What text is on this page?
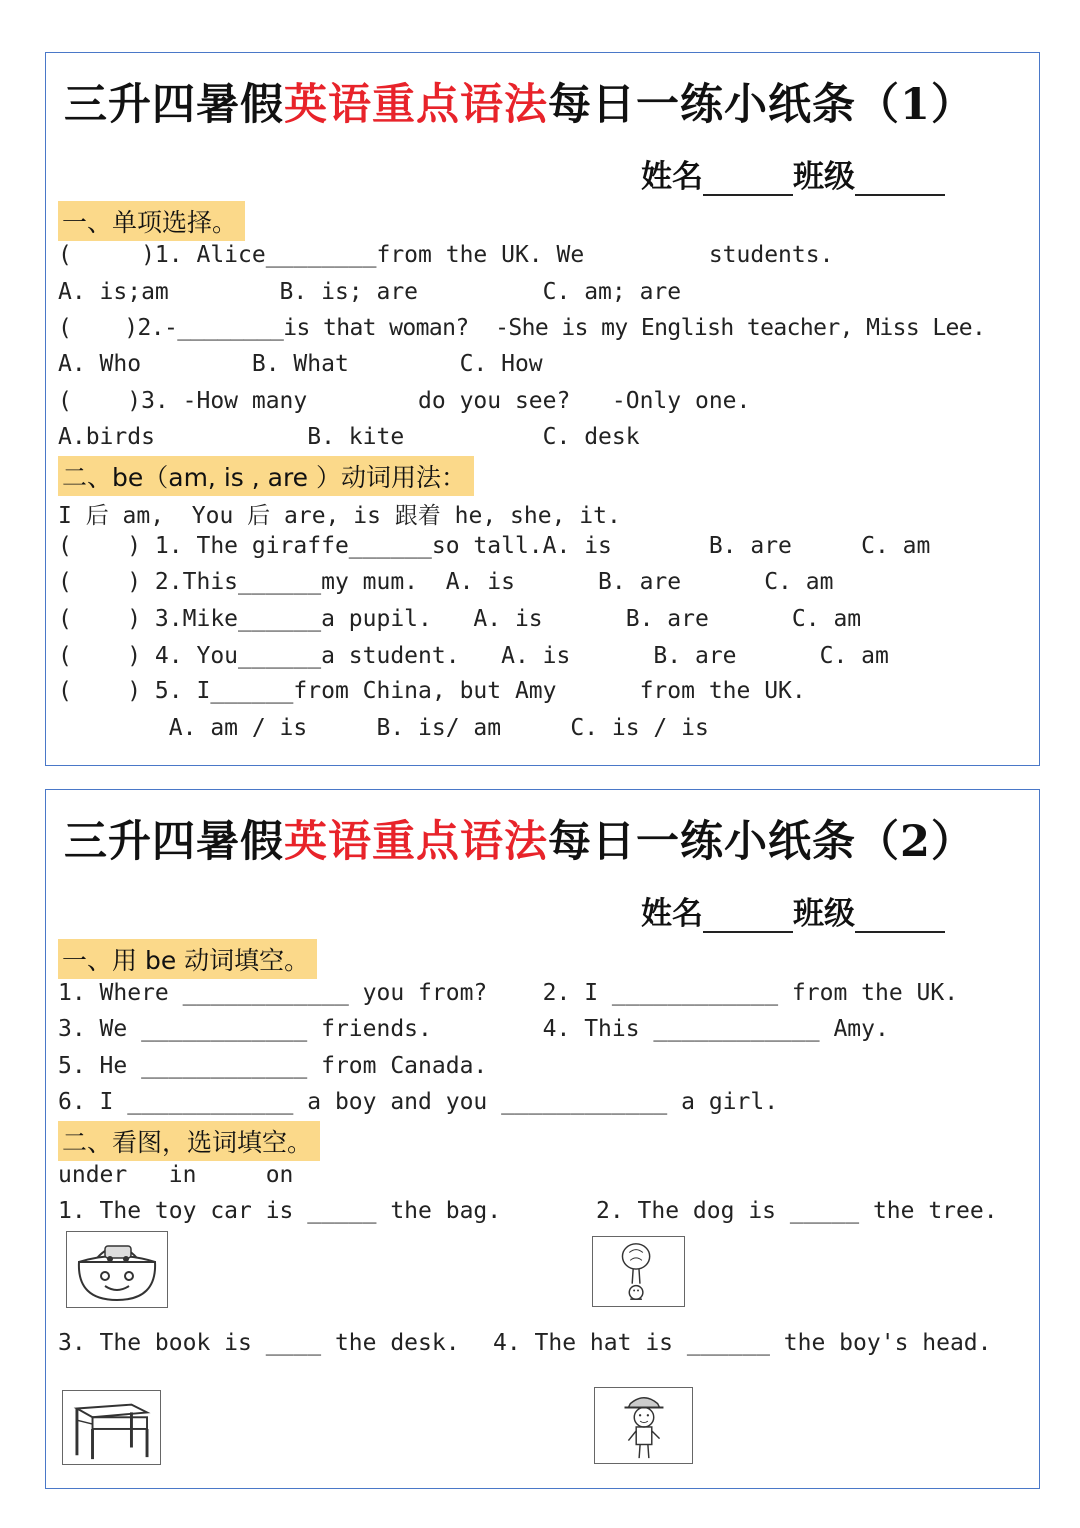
三升四暑假英语重点语法每日一练小纸条（1）
姓名	班级
一、单项选择。
(     )1. Alice________from the UK. We         students.
A. is;am        B. is; are         C. am; are
(    )2.-________is that woman?  -She is my English teacher, Miss Lee.
A. Who        B. What        C. How
(    )3. -How many        do you see?   -Only one.
A.birds           B. kite          C. desk
二、be（am, is , are ）动词用法：
I 后 am,  You 后 are, is 跟着 he, she, it.
(    ) 1. The giraffe______so tall.A. is       B. are     C. am
(    ) 2.This______my mum.  A. is      B. are      C. am
(    ) 3.Mike______a pupil.   A. is      B. are      C. am
(    ) 4. You______a student.   A. is      B. are      C. am
(    ) 5. I______from China, but Amy      from the UK.
A. am / is     B. is/ am     C. is / is
三升四暑假英语重点语法每日一练小纸条（2）
姓名	班级
一、用 be 动词填空。
1. Where ____________ you from?    2. I ____________ from the UK.
3. We ____________ friends.        4. This ____________ Amy.
5. He ____________ from Canada.
6. I ____________ a boy and you ____________ a girl.
二、看图，选词填空。
under   in     on
1. The toy car is _____ the bag.	2. The dog is _____ the tree.
3. The book is ____ the desk. 4. The hat is ______ the boy's head.
